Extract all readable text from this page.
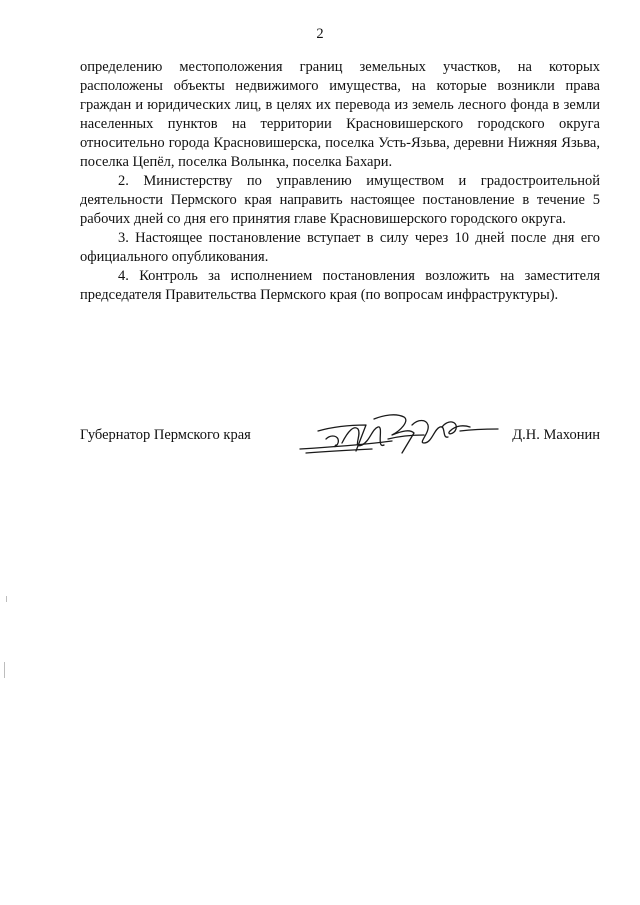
2

определению местоположения границ земельных участков, на которых расположены объекты недвижимого имущества, на которые возникли права граждан и юридических лиц, в целях их перевода из земель лесного фонда в земли населенных пунктов на территории Красновишерского городского округа относительно города Красновишерска, поселка Усть-Язьва, деревни Нижняя Язьва, поселка Цепёл, поселка Волынка, поселка Бахари.

2. Министерству по управлению имуществом и градостроительной деятельности Пермского края направить настоящее постановление в течение 5 рабочих дней со дня его принятия главе Красновишерского городского округа.

3. Настоящее постановление вступает в силу через 10 дней после дня его официального опубликования.

4. Контроль за исполнением постановления возложить на заместителя председателя Правительства Пермского края (по вопросам инфраструктуры).

Губернатор Пермского края	Д.Н. Махонин
